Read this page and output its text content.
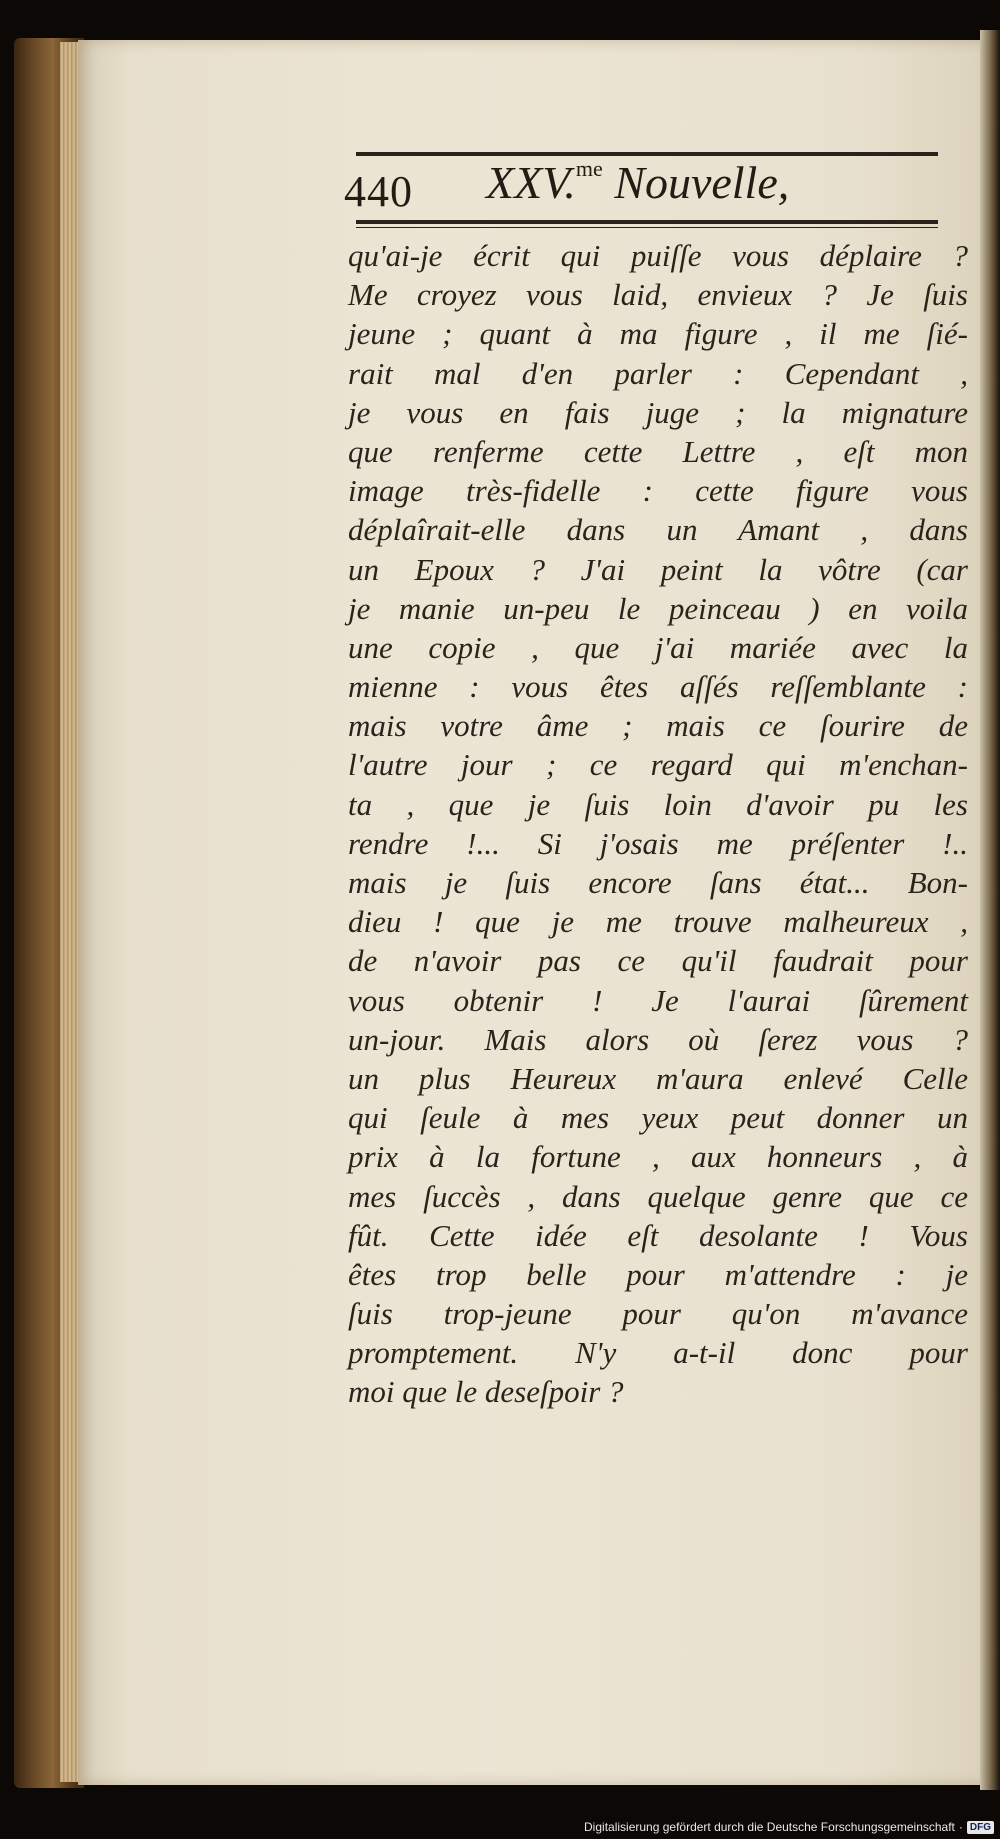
440 XXV.$^{me}$ Nouvelle,
qu'ai-je écrit qui puiſſe vous déplaire ?
Me croyez vous laid, envieux ? Je ſuis
jeune ; quant à ma figure , il me ſié-
rait mal d'en parler : Cependant ,
je vous en fais juge ; la mignature
que renferme cette Lettre , eſt mon
image très-fidelle : cette figure vous
déplaîrait-elle dans un Amant , dans
un Epoux ? J'ai peint la vôtre (car
je manie un-peu le peinceau ) en voila
une copie , que j'ai mariée avec la
mienne : vous êtes aſſés reſſemblante :
mais votre âme ; mais ce ſourire de
l'autre jour ; ce regard qui m'enchan-
ta , que je ſuis loin d'avoir pu les
rendre !... Si j'osais me préſenter !..
mais je ſuis encore ſans état... Bon-
dieu ! que je me trouve malheureux ,
de n'avoir pas ce qu'il faudrait pour
vous obtenir ! Je l'aurai ſûrement
un-jour. Mais alors où ſerez vous ?
un plus Heureux m'aura enlevé Celle
qui ſeule à mes yeux peut donner un
prix à la fortune , aux honneurs , à
mes ſuccès , dans quelque genre que ce
fût. Cette idée eſt desolante ! Vous
êtes trop belle pour m'attendre : je
ſuis trop-jeune pour qu'on m'avance
promptement. N'y a-t-il donc pour
moi que le deseſpoir ?
Digitalisierung gefördert durch die Deutsche Forschungsgemeinschaft · DFG
